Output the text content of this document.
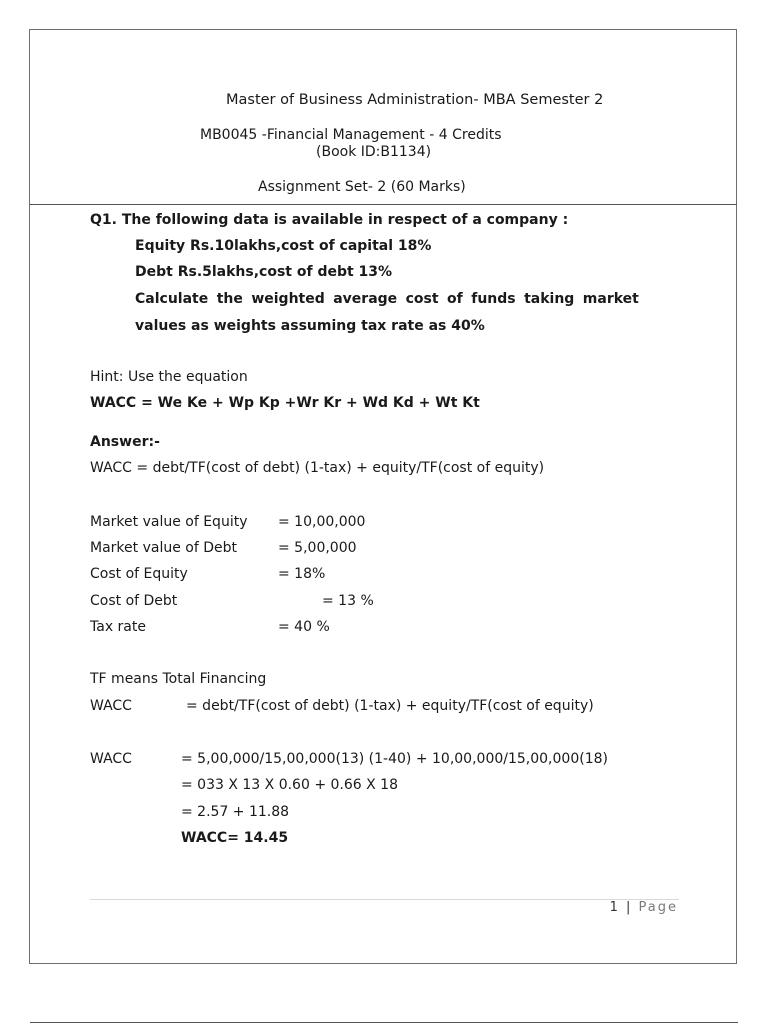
Master of Business Administration- MBA Semester 2
MB0045 -Financial Management - 4 Credits
(Book ID:B1134)
Assignment Set- 2 (60 Marks)
Q1. The following data is available in respect of a company :
Equity Rs.10lakhs,cost of capital 18%
Debt Rs.5lakhs,cost of debt 13%
Calculate the weighted average cost of funds taking market
values as weights assuming tax rate as 40%
Hint: Use the equation
WACC = We Ke + Wp Kp +Wr Kr + Wd Kd + Wt Kt
Answer:-
WACC = debt/TF(cost of debt) (1-tax) + equity/TF(cost of equity)
Market value of Equity = 10,00,000
Market value of Debt	= 5,00,000
Cost of Equity	= 18%
Cost of Debt	= 13 %
Tax rate	= 40 %
TF means Total Financing
WACC	= debt/TF(cost of debt) (1-tax) + equity/TF(cost of equity)
WACC	= 5,00,000/15,00,000(13) (1-40) + 10,00,000/15,00,000(18)
= 033 X 13 X 0.60 + 0.66 X 18
= 2.57 + 11.88
WACC= 14.45
1 | Page
